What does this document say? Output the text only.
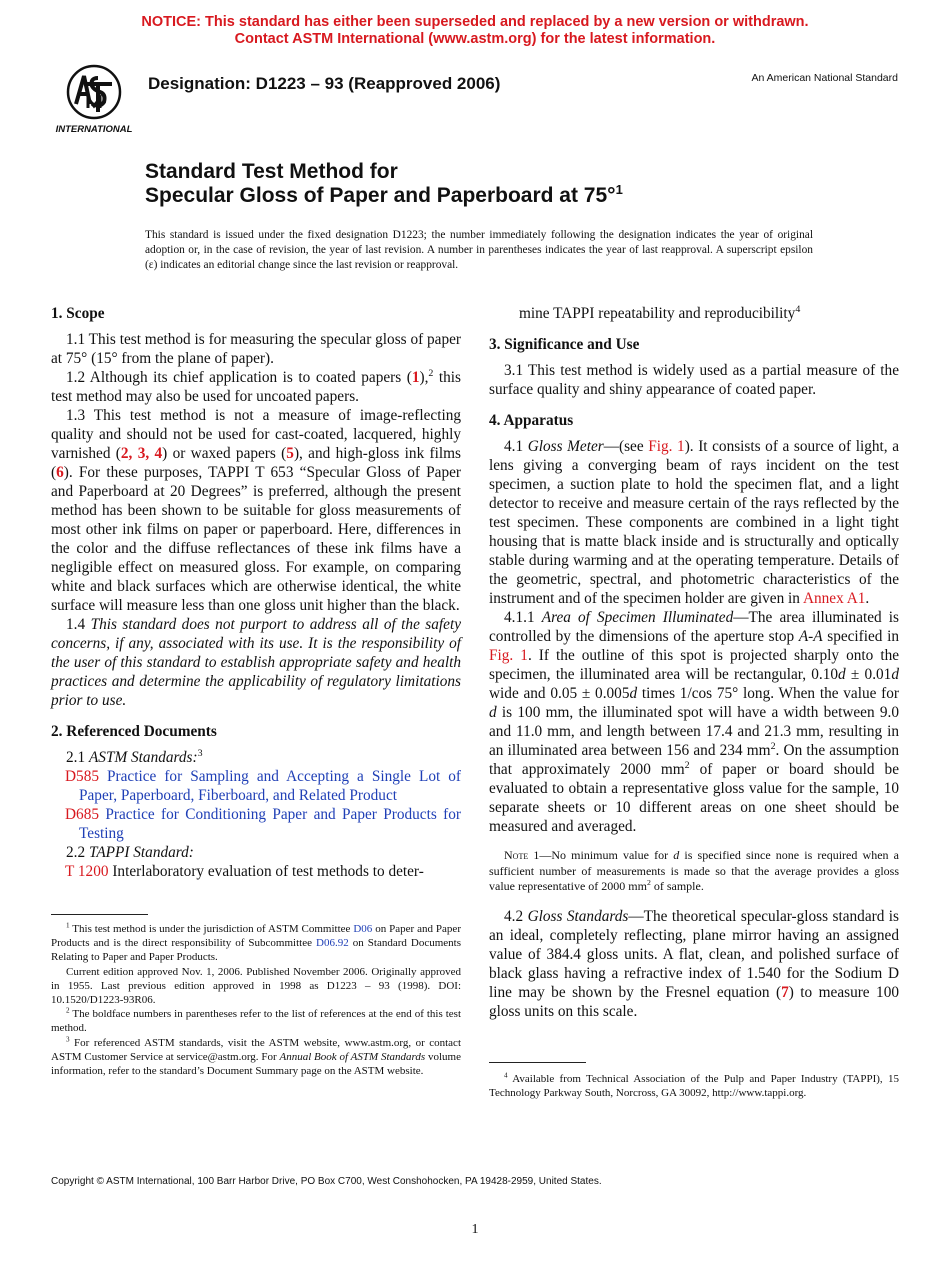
NOTICE: This standard has either been superseded and replaced by a new version or withdrawn.
Contact ASTM International (www.astm.org) for the latest information.
INTERNATIONAL
Designation: D1223 – 93 (Reapproved 2006)	An American National Standard
Standard Test Method for
Specular Gloss of Paper and Paperboard at 75°$^1$
This standard is issued under the fixed designation D1223; the number immediately following the designation indicates the year of original adoption or, in the case of revision, the year of last revision. A number in parentheses indicates the year of last reapproval. A superscript epsilon (ε) indicates an editorial change since the last revision or reapproval.
1. Scope

1.1 This test method is for measuring the specular gloss of paper at 75° (15° from the plane of paper).

1.2 Although its chief application is to coated papers (1),$^2$ this test method may also be used for uncoated papers.

1.3 This test method is not a measure of image-reflecting quality and should not be used for cast-coated, lacquered, highly varnished (2, 3, 4) or waxed papers (5), and high-gloss ink films (6). For these purposes, TAPPI T 653 “Specular Gloss of Paper and Paperboard at 20 Degrees” is preferred, although the present method has been shown to be suitable for gloss measurements of most other ink films on paper or paperboard. Here, differences in the color and the diffuse reflectances of these ink films have a negligible effect on measured gloss. For example, on comparing white and black surfaces which are otherwise identical, the white surface will measure less than one gloss unit higher than the black.

1.4 This standard does not purport to address all of the safety concerns, if any, associated with its use. It is the responsibility of the user of this standard to establish appropriate safety and health practices and determine the applicability of regulatory limitations prior to use.

2. Referenced Documents

2.1 ASTM Standards:$^3$

D585 Practice for Sampling and Accepting a Single Lot of Paper, Paperboard, Fiberboard, and Related Product

D685 Practice for Conditioning Paper and Paper Products for Testing

2.2 TAPPI Standard:

T 1200 Interlaboratory evaluation of test methods to deter-

$^1$ This test method is under the jurisdiction of ASTM Committee D06 on Paper and Paper Products and is the direct responsibility of Subcommittee D06.92 on Standard Documents Relating to Paper and Paper Products.

Current edition approved Nov. 1, 2006. Published November 2006. Originally approved in 1955. Last previous edition approved in 1998 as D1223 – 93 (1998). DOI: 10.1520/D1223-93R06.

$^2$ The boldface numbers in parentheses refer to the list of references at the end of this test method.

$^3$ For referenced ASTM standards, visit the ASTM website, www.astm.org, or contact ASTM Customer Service at service@astm.org. For Annual Book of ASTM Standards volume information, refer to the standard’s Document Summary page on the ASTM website.

mine TAPPI repeatability and reproducibility$^4$

3. Significance and Use

3.1 This test method is widely used as a partial measure of the surface quality and shiny appearance of coated paper.

4. Apparatus

4.1 Gloss Meter—(see Fig. 1). It consists of a source of light, a lens giving a converging beam of rays incident on the test specimen, a suction plate to hold the specimen flat, and a light detector to receive and measure certain of the rays reflected by the test specimen. These components are combined in a light tight housing that is matte black inside and is structurally and optically stable during warming and at the operating temperature. Details of the geometric, spectral, and photometric characteristics of the instrument and of the specimen holder are given in Annex A1.

4.1.1 Area of Specimen Illuminated—The area illuminated is controlled by the dimensions of the aperture stop A-A specified in Fig. 1. If the outline of this spot is projected sharply onto the specimen, the illuminated area will be rectangular, 0.10d ± 0.01d wide and 0.05 ± 0.005d times 1/cos 75° long. When the value for d is 100 mm, the illuminated spot will have a width between 9.0 and 11.0 mm, and length between 17.4 and 21.3 mm, resulting in an illuminated area between 156 and 234 $mm^2$. On the assumption that approximately 2000 $mm^2$ of paper or board should be evaluated to obtain a representative gloss value for the sample, 10 separate sheets or 10 different areas on one sheet should be measured and averaged.

Note 1—No minimum value for d is specified since none is required when a sufficient number of measurements is made so that the average provides a gloss value representative of 2000 $mm^2$ of sample.

4.2 Gloss Standards—The theoretical specular-gloss standard is an ideal, completely reflecting, plane mirror having an assigned value of 384.4 gloss units. A flat, clean, and polished surface of black glass having a refractive index of 1.540 for the Sodium D line may be shown by the Fresnel equation (7) to measure 100 gloss units on this scale.

$^4$ Available from Technical Association of the Pulp and Paper Industry (TAPPI), 15 Technology Parkway South, Norcross, GA 30092, http://www.tappi.org.

Copyright © ASTM International, 100 Barr Harbor Drive, PO Box C700, West Conshohocken, PA 19428-2959, United States.
1
